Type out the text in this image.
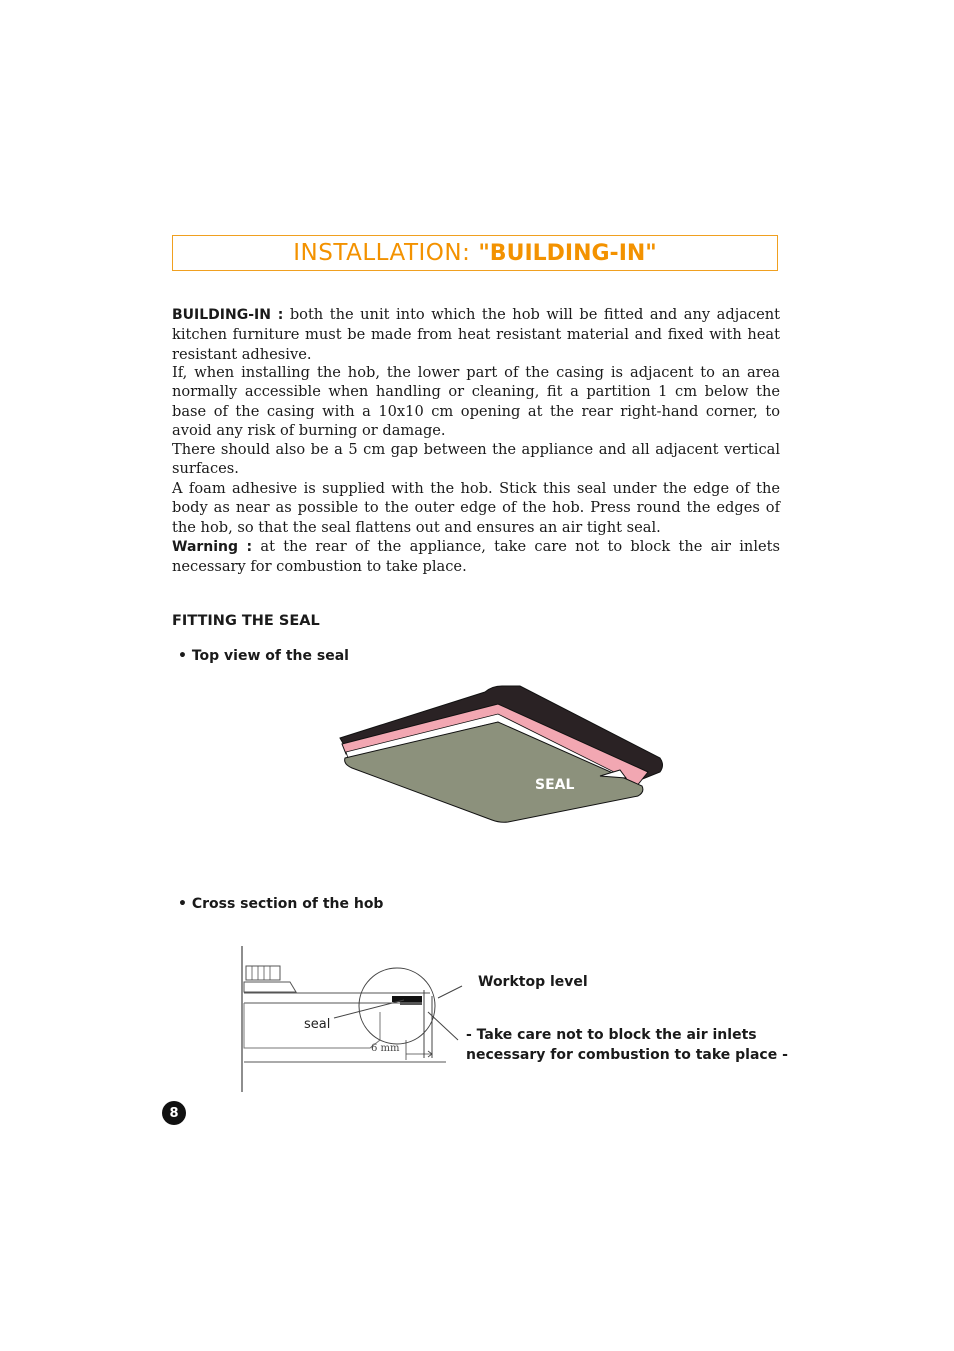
INSTALLATION: "BUILDING-IN"
BUILDING-IN : both the unit into which the hob will be fitted and any adjacent kitchen furniture must be made from heat resistant material and fixed with heat resistant adhesive.
If, when installing the hob, the lower part of the casing is adjacent to an area normally accessible when handling or cleaning, fit a partition 1 cm below the base of the casing with a 10x10 cm opening at the rear right-hand corner, to avoid any risk of burning or damage.
There should also be a 5 cm gap between the appliance and all adjacent vertical surfaces.
A foam adhesive is supplied with the hob. Stick this seal under the edge of the body as near as possible to the outer edge of the hob. Press round the edges of the hob, so that the seal flattens out and ensures an air tight seal.
Warning : at the rear of the appliance, take care not to block the air inlets necessary for combustion to take place.
FITTING THE SEAL
• Top view of the seal
SEAL
• Cross section of the hob
seal
6 mm
Worktop level
- Take care not to block the air inlets
necessary for combustion to take place -
8
